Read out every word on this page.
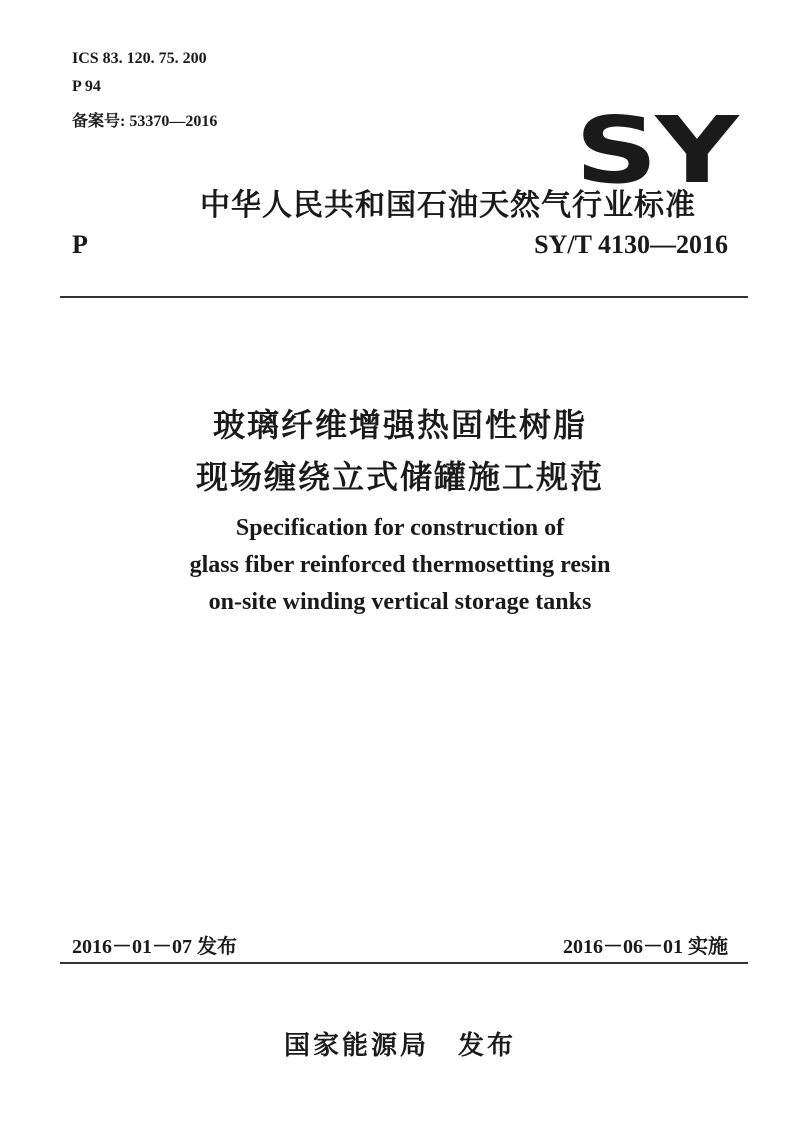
ICS 83. 120. 75. 200
P 94
备案号: 53370—2016	SY
中华人民共和国石油天然气行业标准
P	SY/T 4130—2016
玻璃纤维增强热固性树脂
现场缠绕立式储罐施工规范
Specification for construction of
glass fiber reinforced thermosetting resin
on-site winding vertical storage tanks
2016－01－07 发布	2016－06－01 实施
国家能源局　发布
